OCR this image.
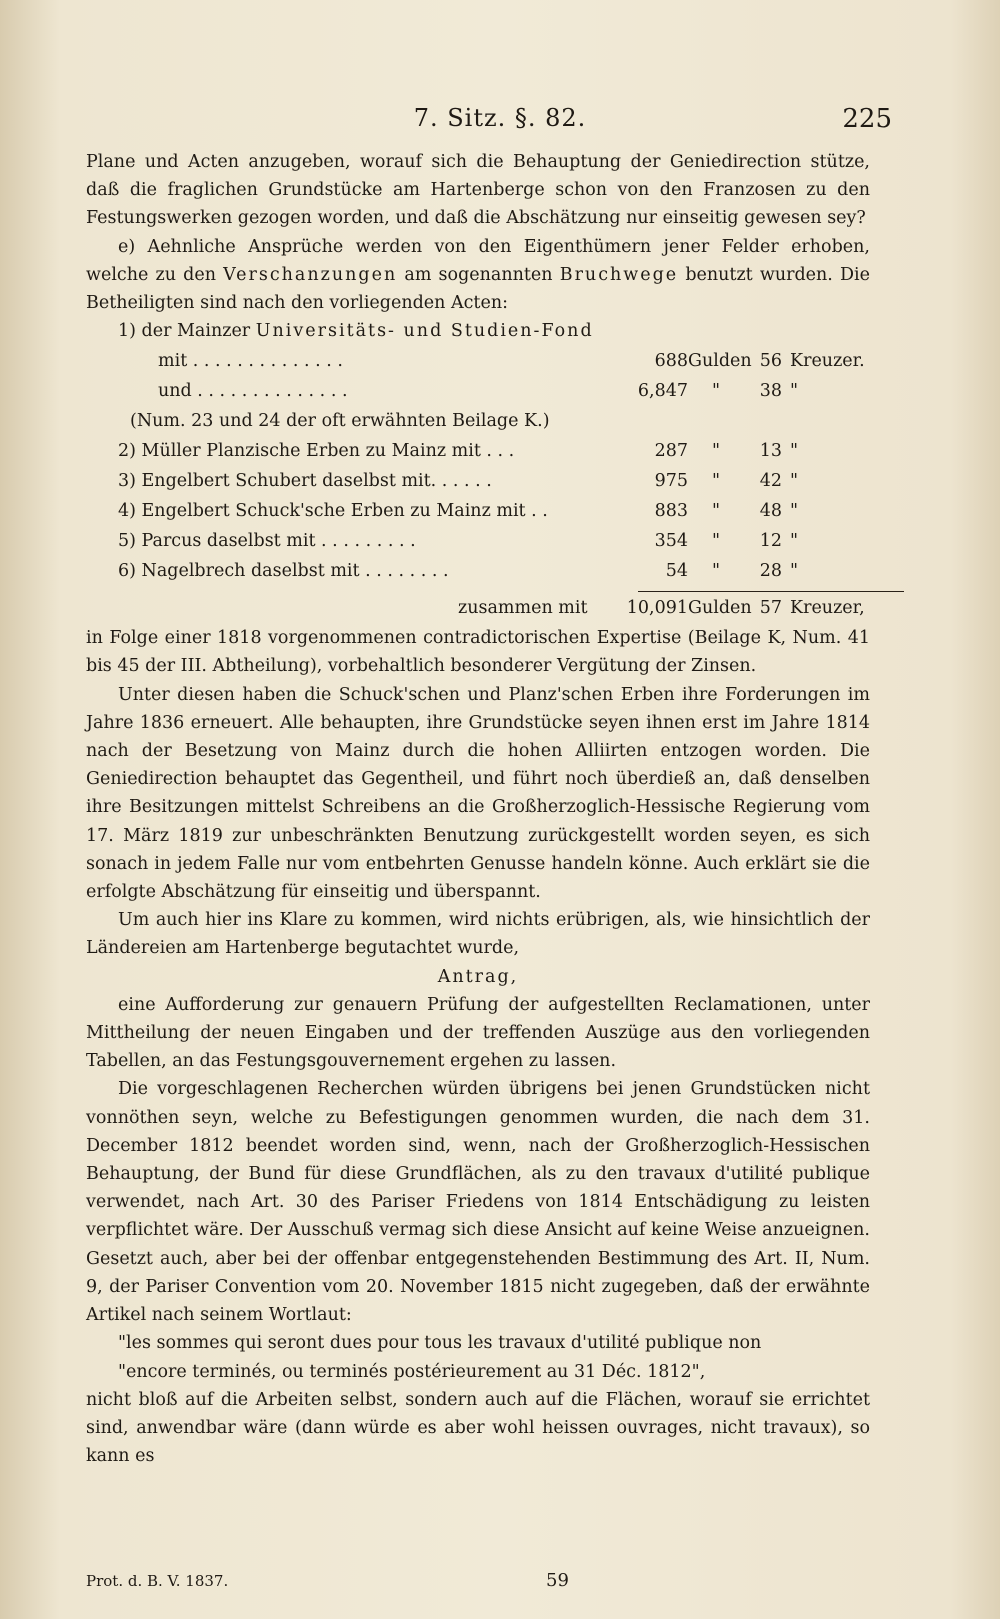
7. Sitz. §. 82.	225

Plane und Acten anzugeben, worauf sich die Behauptung der Geniedirection stütze, daß die fraglichen Grundstücke am Hartenberge schon von den Franzosen zu den Festungswerken gezogen worden, und daß die Abschätzung nur einseitig gewesen sey?

e) Aehnliche Ansprüche werden von den Eigenthümern jener Felder erhoben, welche zu den Verschanzungen am sogenannten Bruchwege benutzt wurden. Die Betheiligten sind nach den vorliegenden Acten:

1) der Mainzer
Universitäts- und Studien-Fond
mit . . . . . . . . . . . . . .	688 Gulden 56 Kreuzer.
und . . . . . . . . . . . . . .	6,847	"	38 "
(Num. 23 und 24 der oft erwähnten Beilage K.)
2) Müller Planzische Erben zu Mainz mit . . .	287	"	13 "
3) Engelbert Schubert daselbst mit. . . . . .	975	"	42 "
4) Engelbert Schuck'sche Erben zu Mainz mit . .	883	"	48 "
5) Parcus daselbst mit . . . . . . . . .	354	"	12 "
6) Nagelbrech daselbst mit . . . . . . . .	54	"	28 "
zusammen mit	10,091 Gulden 57 Kreuzer,

in Folge einer 1818 vorgenommenen contradictorischen Expertise (Beilage K, Num. 41 bis 45 der III. Abtheilung), vorbehaltlich besonderer Vergütung der Zinsen.

Unter diesen haben die Schuck'schen und Planz'schen Erben ihre Forderungen im Jahre 1836 erneuert. Alle behaupten, ihre Grundstücke seyen ihnen erst im Jahre 1814 nach der Besetzung von Mainz durch die hohen Alliirten entzogen worden. Die Geniedirection behauptet das Gegentheil, und führt noch überdieß an, daß denselben ihre Besitzungen mittelst Schreibens an die Großherzoglich-Hessische Regierung vom 17. März 1819 zur unbeschränkten Benutzung zurückgestellt worden seyen, es sich sonach in jedem Falle nur vom entbehrten Genusse handeln könne. Auch erklärt sie die erfolgte Abschätzung für einseitig und überspannt.

Um auch hier ins Klare zu kommen, wird nichts erübrigen, als, wie hinsichtlich der Ländereien am Hartenberge begutachtet wurde,

Antrag,

eine Aufforderung zur genauern Prüfung der aufgestellten Reclamationen, unter Mittheilung der neuen Eingaben und der treffenden Auszüge aus den vorliegenden Tabellen, an das Festungsgouvernement ergehen zu lassen.

Die vorgeschlagenen Recherchen würden übrigens bei jenen Grundstücken nicht vonnöthen seyn, welche zu Befestigungen genommen wurden, die nach dem 31. December 1812 beendet worden sind, wenn, nach der Großherzoglich-Hessischen Behauptung, der Bund für diese Grundflächen, als zu den travaux d'utilité publique verwendet, nach Art. 30 des Pariser Friedens von 1814 Entschädigung zu leisten verpflichtet wäre. Der Ausschuß vermag sich diese Ansicht auf keine Weise anzueignen. Gesetzt auch, aber bei der offenbar entgegenstehenden Bestimmung des Art. II, Num. 9, der Pariser Convention vom 20. November 1815 nicht zugegeben, daß der erwähnte Artikel nach seinem Wortlaut:

"les sommes qui seront dues pour tous les travaux d'utilité publique non

"encore terminés, ou terminés postérieurement au 31 Déc. 1812",

nicht bloß auf die Arbeiten selbst, sondern auch auf die Flächen, worauf sie errichtet sind, anwendbar wäre (dann würde es aber wohl heissen ouvrages, nicht travaux), so kann es

Prot. d. B. V. 1837.	59
